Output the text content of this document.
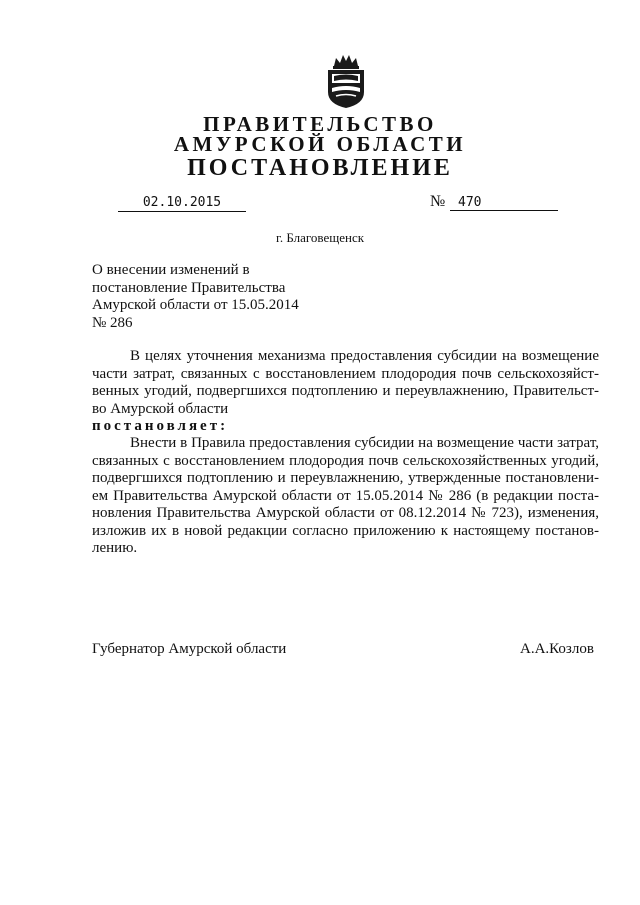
ПРАВИТЕЛЬСТВО

АМУРСКОЙ ОБЛАСТИ

ПОСТАНОВЛЕНИЕ

02.10.2015	№ 470
г. Благовещенск
О внесении изменений в
постановление Правительства
Амурской области от 15.05.2014
№ 286
В целях уточнения механизма предоставления субсидии на возмещение
части затрат, связанных с восстановлением плодородия почв сельскохозяйст-
венных угодий, подвергшихся подтоплению и переувлажнению, Правительст-
во Амурской области
постановляет:
Внести в Правила предоставления субсидии на возмещение части затрат,
связанных с восстановлением плодородия почв сельскохозяйственных угодий,
подвергшихся подтоплению и переувлажнению, утвержденные постановлени-
ем Правительства Амурской области от 15.05.2014 № 286 (в редакции поста-
новления Правительства Амурской области от 08.12.2014 № 723), изменения,
изложив их в новой редакции согласно приложению к настоящему постанов-
лению.
Губернатор Амурской области	А.А.Козлов
